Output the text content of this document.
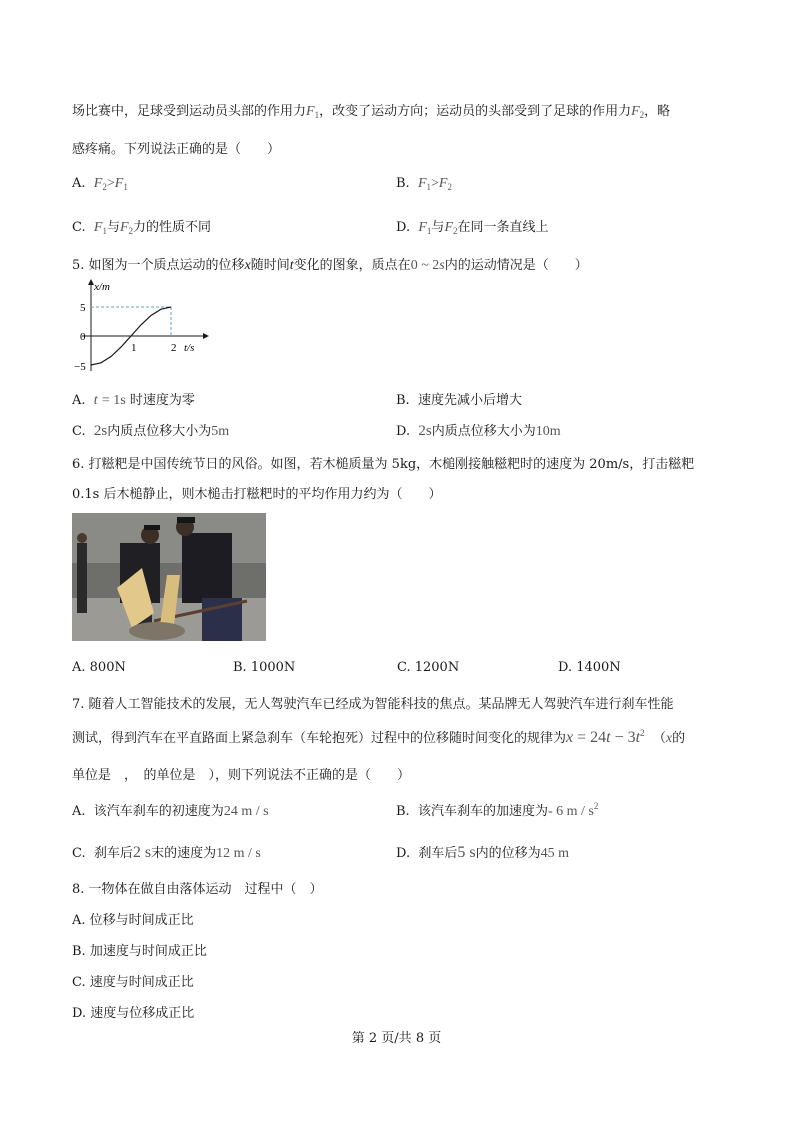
场比赛中，足球受到运动员头部的作用力$F_1$，改变了运动方向；运动员的头部受到了足球的作用力$F_2$，略
感疼痛。下列说法正确的是（　　）
A. $F_2>F_1$	B. $F_1>F_2$
C. $F_1$与$F_2$力的性质不同	D. $F_1$与$F_2$在同一条直线上
5. 如图为一个质点运动的位移x随时间t变化的图象，质点在0 ~ 2s内的运动情况是（　　）
x/m
t/s
5
0
−5
1	2
A. t = 1s 时速度为零	B. 速度先减小后增大
C. 2s内质点位移大小为5m	D. 2s内质点位移大小为10m
6. 打糍粑是中国传统节日的风俗。如图，若木槌质量为 5kg，木槌刚接触糍粑时的速度为 20m/s，打击糍粑
0.1s 后木槌静止，则木槌击打糍粑时的平均作用力约为（　　）
A. 800N	B. 1000N	C. 1200N	D. 1400N
7. 随着人工智能技术的发展，无人驾驶汽车已经成为智能科技的焦点。某品牌无人驾驶汽车进行刹车性能
测试，得到汽车在平直路面上紧急刹车（车轮抱死）过程中的位移随时间变化的规律为$x = 24t - 3t^2$ （x的
单位是　，　的单位是　），则下列说法不正确的是（　　）
A. 该汽车刹车的初速度为24 m / s	B. 该汽车刹车的加速度为- 6 m / $s^2$
C. 刹车后2 s末的速度为12 m / s	D. 刹车后5 s内的位移为45 m
8. 一物体在做自由落体运动　过程中（　）
A. 位移与时间成正比
B. 加速度与时间成正比
C. 速度与时间成正比
D. 速度与位移成正比
第 2 页/共 8 页
